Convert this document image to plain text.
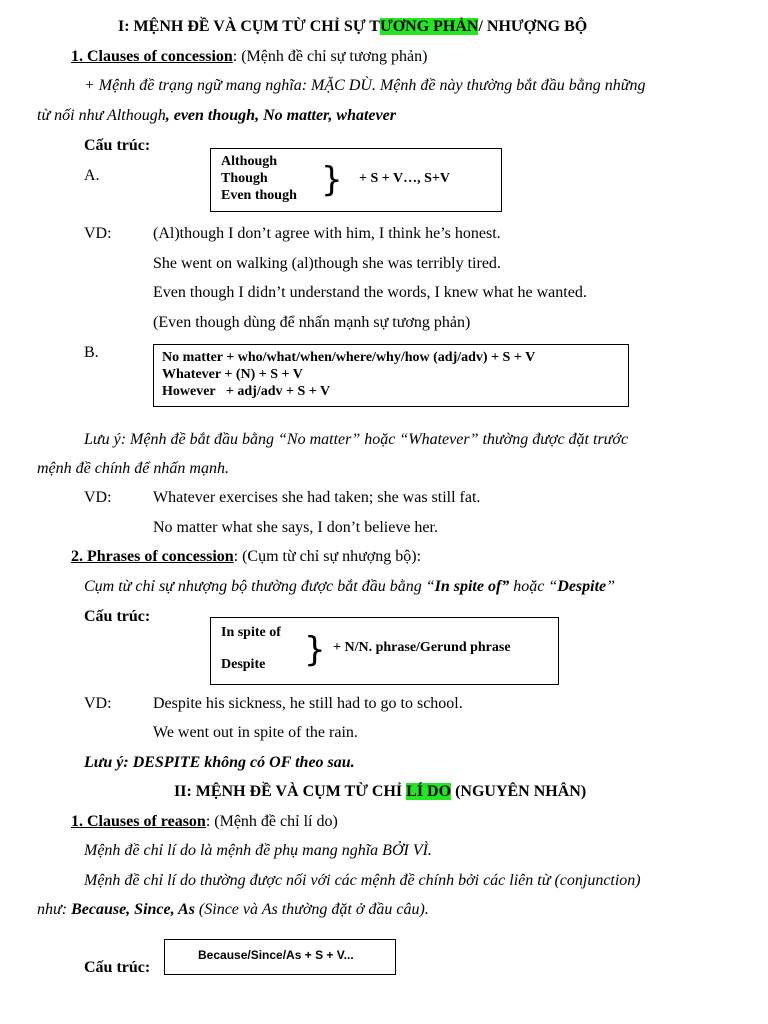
I: MỆNH ĐỀ VÀ CỤM TỪ CHỈ SỰ TƯƠNG PHẢN/ NHƯỢNG BỘ
1. Clauses of concession: (Mệnh đề chỉ sự tương phản)
+ Mệnh đề trạng ngữ mang nghĩa: MẶC DÙ. Mệnh đề này thường bắt đầu bằng những
từ nối như Although, even though, No matter, whatever
Cấu trúc:
A.
Although
Though
Even though } + S + V…, S+V
VD:	(Al)though I don’t agree with him, I think he’s honest.
She went on walking (al)though she was terribly tired.
Even though I didn’t understand the words, I knew what he wanted.
(Even though dùng để nhấn mạnh sự tương phản)
B.	No matter + who/what/when/where/why/how (adj/adv) + S + V
Whatever + (N) + S + V
However   + adj/adv + S + V
Lưu ý: Mệnh đề bắt đầu bằng “No matter” hoặc “Whatever” thường được đặt trước
mệnh đề chính để nhấn mạnh.
VD:	Whatever exercises she had taken; she was still fat.
No matter what she says, I don’t believe her.
2. Phrases of concession: (Cụm từ chỉ sự nhượng bộ):
Cụm từ chỉ sự nhượng bộ thường được bắt đầu bằng “In spite of” hoặc “Despite”
Cấu trúc:
In spite of
Despite } + N/N. phrase/Gerund phrase
VD:	Despite his sickness, he still had to go to school.
We went out in spite of the rain.
Lưu ý: DESPITE không có OF theo sau.
II: MỆNH ĐỀ VÀ CỤM TỪ CHỈ LÍ DO (NGUYÊN NHÂN)
1. Clauses of reason: (Mệnh đề chỉ lí do)
Mệnh đề chỉ lí do là mệnh đề phụ mang nghĩa BỞI VÌ.
Mệnh đề chỉ lí do thường được nối với các mệnh đề chính bởi các liên từ (conjunction)
như: Because, Since, As (Since và As thường đặt ở đầu câu).
Cấu trúc:
Because/Since/As + S + V...
